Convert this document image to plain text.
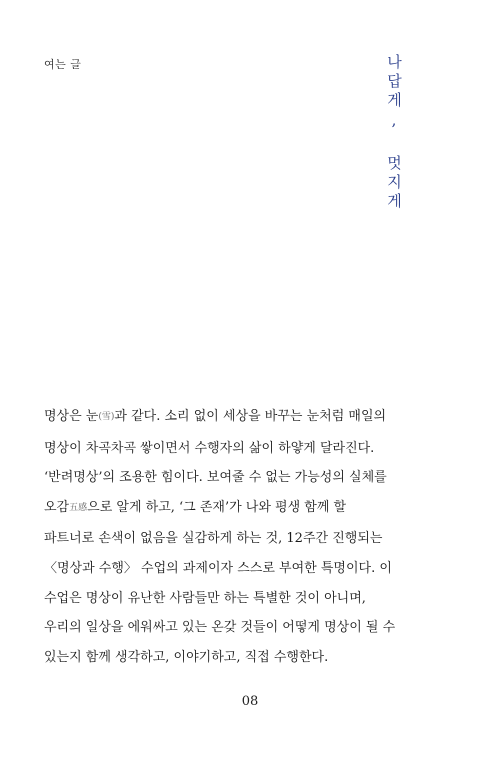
여는 글	나답게, 멋지게
명상은 눈(雪)과 같다. 소리 없이 세상을 바꾸는 눈처럼 매일의
명상이 차곡차곡 쌓이면서 수행자의 삶이 하얗게 달라진다.
‘반려명상’의 조용한 힘이다. 보여줄 수 없는 가능성의 실체를
오감五感으로 알게 하고, ‘그 존재’가 나와 평생 함께 할
파트너로 손색이 없음을 실감하게 하는 것, 12주간 진행되는
〈명상과 수행〉 수업의 과제이자 스스로 부여한 특명이다. 이
수업은 명상이 유난한 사람들만 하는 특별한 것이 아니며,
우리의 일상을 에워싸고 있는 온갖 것들이 어떻게 명상이 될 수
있는지 함께 생각하고, 이야기하고, 직접 수행한다.
08
